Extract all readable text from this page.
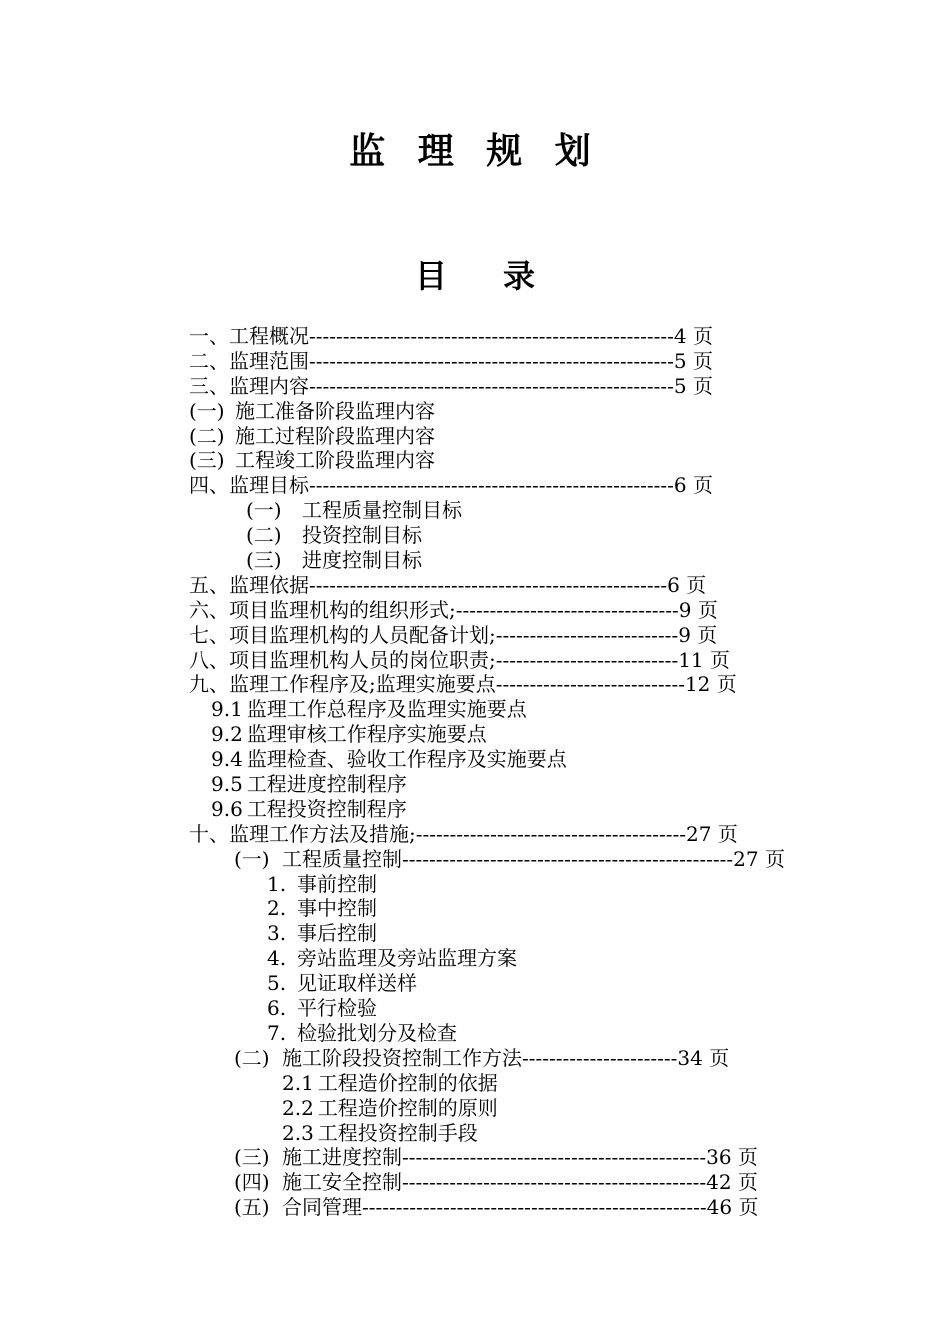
监 理 规 划
目 录
一、工程概况------------------------------------------------------4 页
二、监理范围------------------------------------------------------5 页
三、监理内容------------------------------------------------------5 页
(一) 施工准备阶段监理内容
(二) 施工过程阶段监理内容
(三) 工程竣工阶段监理内容
四、监理目标------------------------------------------------------6 页
(一) 工程质量控制目标
(二) 投资控制目标
(三) 进度控制目标
五、监理依据-----------------------------------------------------6 页
六、项目监理机构的组织形式;---------------------------------9 页
七、项目监理机构的人员配备计划;---------------------------9 页
八、项目监理机构人员的岗位职责;---------------------------11 页
九、监理工作程序及;监理实施要点----------------------------12 页
9.1 监理工作总程序及监理实施要点
9.2 监理审核工作程序实施要点
9.4 监理检查、验收工作程序及实施要点
9.5 工程进度控制程序
9.6 工程投资控制程序
十、监理工作方法及措施;----------------------------------------27 页
(一) 工程质量控制-------------------------------------------------27 页
1. 事前控制
2. 事中控制
3. 事后控制
4. 旁站监理及旁站监理方案
5. 见证取样送样
6. 平行检验
7. 检验批划分及检查
(二) 施工阶段投资控制工作方法-----------------------34 页
2.1 工程造价控制的依据
2.2 工程造价控制的原则
2.3 工程投资控制手段
(三) 施工进度控制---------------------------------------------36 页
(四) 施工安全控制---------------------------------------------42 页
(五) 合同管理---------------------------------------------------46 页
